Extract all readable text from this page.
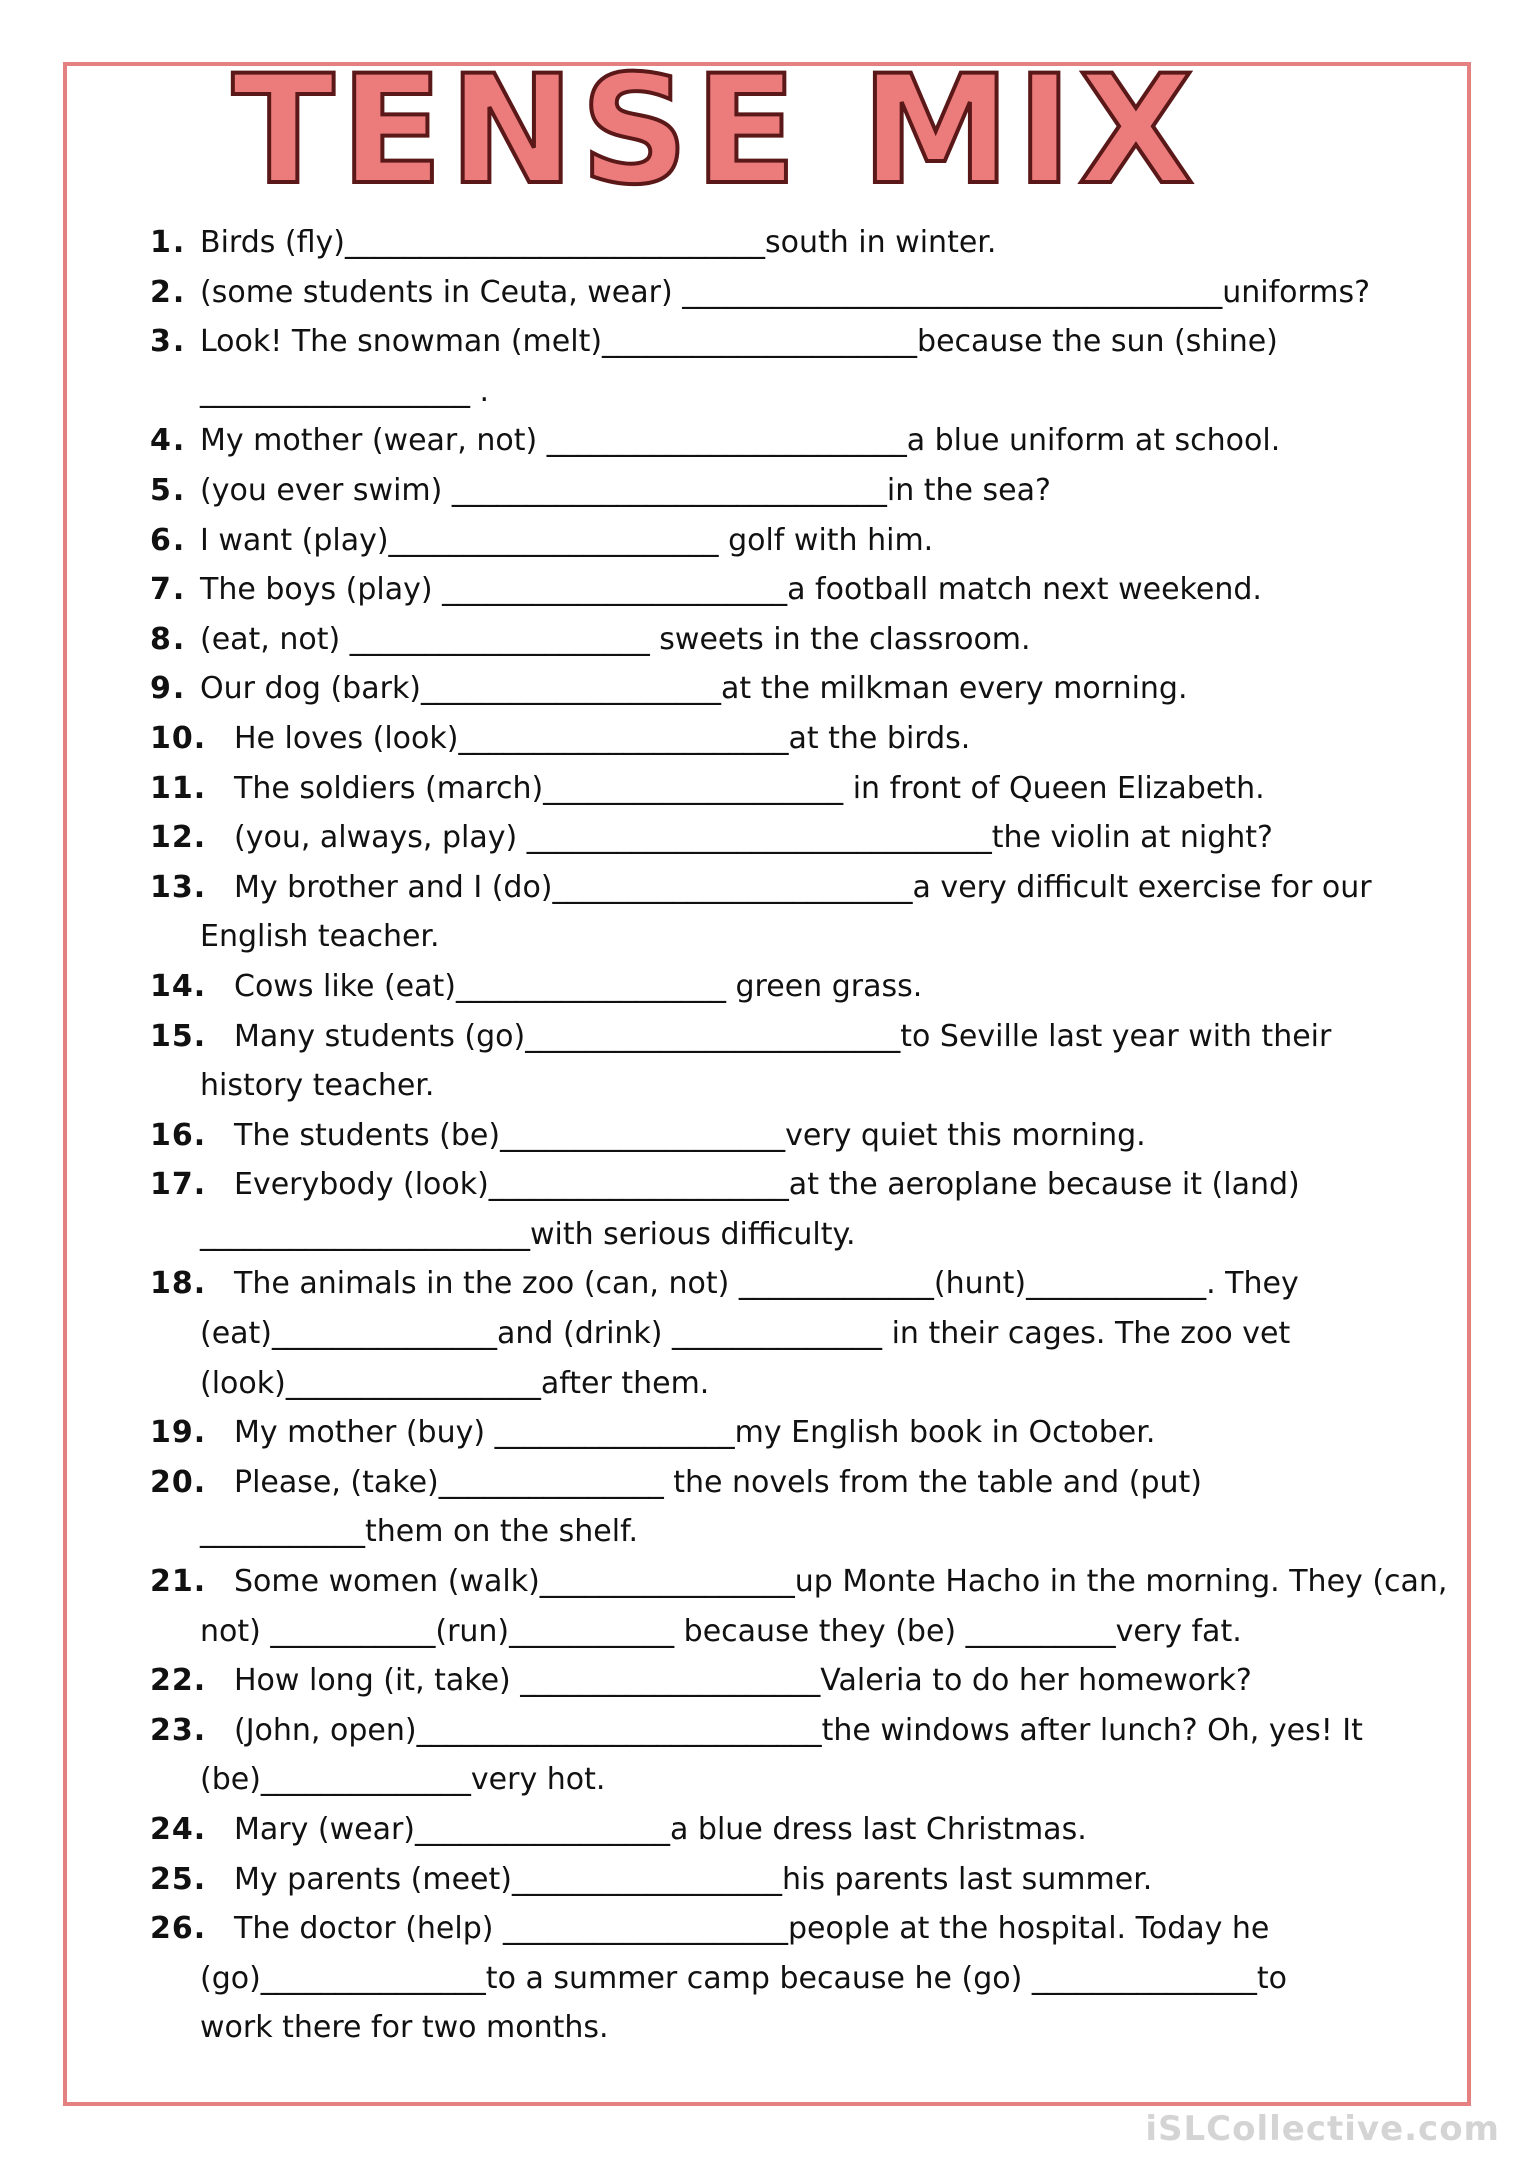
TENSE MIX
1. Birds (fly)____________________________south in winter.
2. (some students in Ceuta, wear) ____________________________________uniforms?
3. Look! The snowman (melt)_____________________because the sun (shine)
__________________ .
4. My mother (wear, not) ________________________a blue uniform at school.
5. (you ever swim) _____________________________in the sea?
6. I want (play)______________________ golf with him.
7. The boys (play) _______________________a football match next weekend.
8. (eat, not) ____________________ sweets in the classroom.
9. Our dog (bark)____________________at the milkman every morning.
10. He loves (look)______________________at the birds.
11. The soldiers (march)____________________ in front of Queen Elizabeth.
12. (you, always, play) _______________________________the violin at night?
13. My brother and I (do)________________________a very difficult exercise for our
English teacher.
14. Cows like (eat)__________________ green grass.
15. Many students (go)_________________________to Seville last year with their
history teacher.
16. The students (be)___________________very quiet this morning.
17. Everybody (look)____________________at the aeroplane because it (land)
______________________with serious difficulty.
18. The animals in the zoo (can, not) _____________(hunt)____________. They
(eat)_______________and (drink) ______________ in their cages. The zoo vet
(look)_________________after them.
19. My mother (buy) ________________my English book in October.
20. Please, (take)_______________ the novels from the table and (put)
___________them on the shelf.
21. Some women (walk)_________________up Monte Hacho in the morning. They (can,
not) ___________(run)___________ because they (be) __________very fat.
22. How long (it, take) ____________________Valeria to do her homework?
23. (John, open)___________________________the windows after lunch? Oh, yes! It
(be)______________very hot.
24. Mary (wear)_________________a blue dress last Christmas.
25. My parents (meet)__________________his parents last summer.
26. The doctor (help) ___________________people at the hospital. Today he
(go)_______________to a summer camp because he (go) _______________to
work there for two months.
iSLCollective.com
